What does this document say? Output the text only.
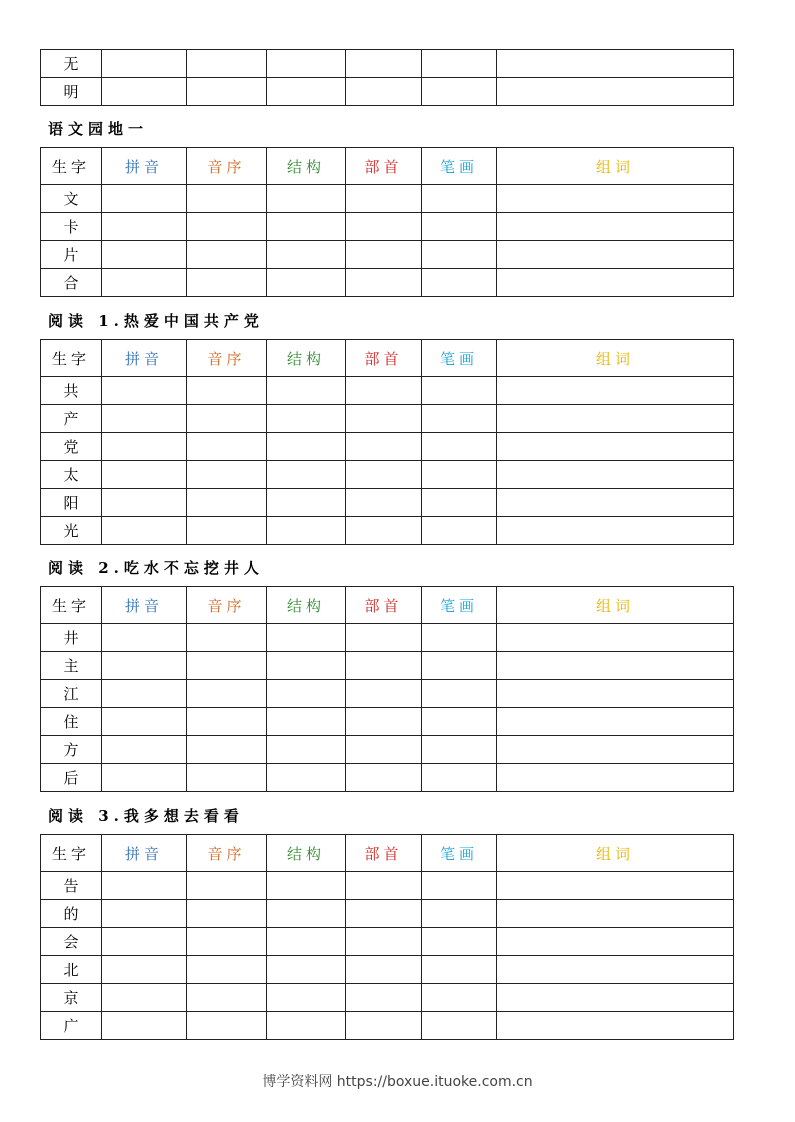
无						
明						
语文园地一
生字	拼音	音序	结构	部首	笔画	组词
文						
卡						
片						
合						
阅读 1.热爱中国共产党
生字	拼音	音序	结构	部首	笔画	组词
共						
产						
党						
太						
阳						
光						
阅读 2.吃水不忘挖井人
生字	拼音	音序	结构	部首	笔画	组词
井						
主						
江						
住						
方						
后						
阅读 3.我多想去看看
生字	拼音	音序	结构	部首	笔画	组词
告						
的						
会						
北						
京						
广						
博学资料网 https://boxue.ituoke.com.cn
